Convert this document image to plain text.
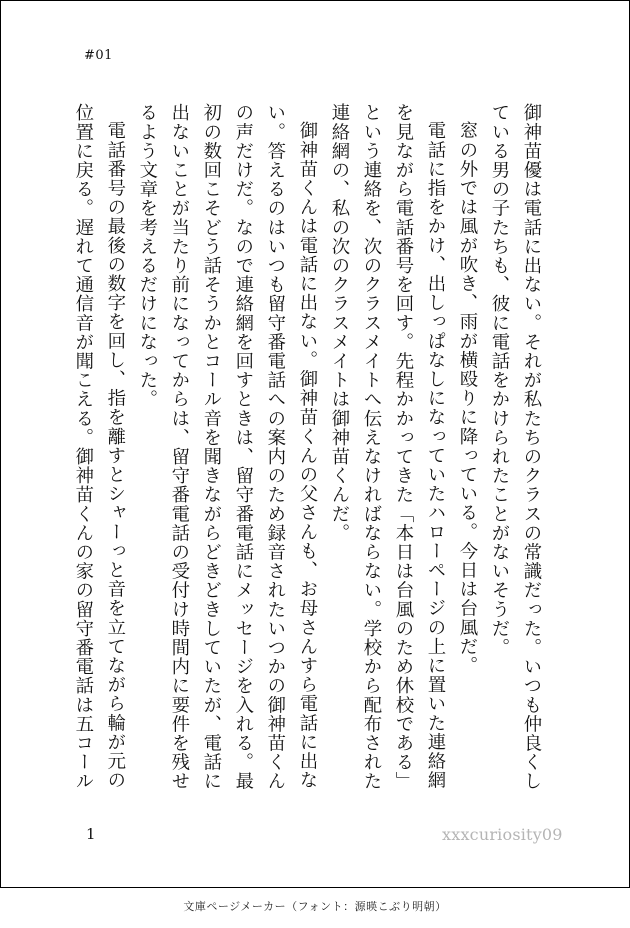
#01

御神苗優は電話に出ない。それが私たちのクラスの常識だった。いつも仲良くしている男の子たちも、彼に電話をかけられたことがないそうだ。

窓の外では風が吹き、雨が横殴りに降っている。今日は台風だ。

電話に指をかけ、出しっぱなしになっていたハローページの上に置いた連絡網を見ながら電話番号を回す。先程かかってきた「本日は台風のため休校である」という連絡を、次のクラスメイトへ伝えなければならない。学校から配布された連絡網の、私の次のクラスメイトは御神苗くんだ。

御神苗くんは電話に出ない。御神苗くんの父さんも、お母さんすら電話に出ない。答えるのはいつも留守番電話への案内のため録音されたいつかの御神苗くんの声だけだ。なので連絡網を回すときは、留守番電話にメッセージを入れる。最初の数回こそどう話そうかとコール音を聞きながらどきどきしていたが、電話に出ないことが当たり前になってからは、留守番電話の受付け時間内に要件を残せるよう文章を考えるだけになった。

電話番号の最後の数字を回し、指を離すとシャーっと音を立てながら輪が元の位置に戻る。遅れて通信音が聞こえる。御神苗くんの家の留守番電話は五コール

1	xxxcuriosity09
文庫ページメーカー（フォント：源暎こぶり明朝）
